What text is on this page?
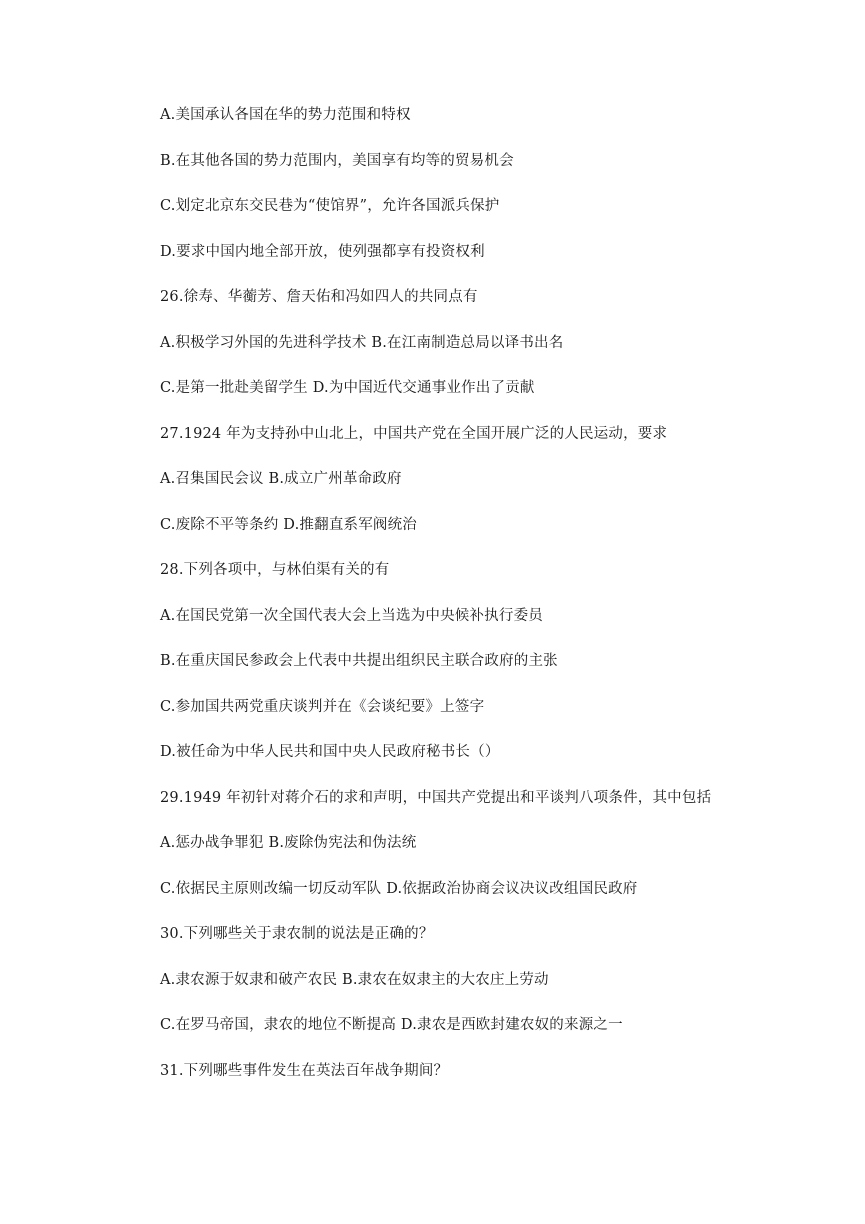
A.美国承认各国在华的势力范围和特权
B.在其他各国的势力范围内，美国享有均等的贸易机会
C.划定北京东交民巷为“使馆界”，允许各国派兵保护
D.要求中国内地全部开放，使列强都享有投资权利
26.徐寿、华蘅芳、詹天佑和冯如四人的共同点有
A.积极学习外国的先进科学技术 B.在江南制造总局以译书出名
C.是第一批赴美留学生 D.为中国近代交通事业作出了贡献
27.1924 年为支持孙中山北上，中国共产党在全国开展广泛的人民运动，要求
A.召集国民会议 B.成立广州革命政府
C.废除不平等条约 D.推翻直系军阀统治
28.下列各项中，与林伯渠有关的有
A.在国民党第一次全国代表大会上当选为中央候补执行委员
B.在重庆国民参政会上代表中共提出组织民主联合政府的主张
C.参加国共两党重庆谈判并在《会谈纪要》上签字
D.被任命为中华人民共和国中央人民政府秘书长（）
29.1949 年初针对蒋介石的求和声明，中国共产党提出和平谈判八项条件，其中包括
A.惩办战争罪犯 B.废除伪宪法和伪法统
C.依据民主原则改编一切反动军队 D.依据政治协商会议决议改组国民政府
30.下列哪些关于隶农制的说法是正确的？
A.隶农源于奴隶和破产农民 B.隶农在奴隶主的大农庄上劳动
C.在罗马帝国，隶农的地位不断提高 D.隶农是西欧封建农奴的来源之一
31.下列哪些事件发生在英法百年战争期间？
